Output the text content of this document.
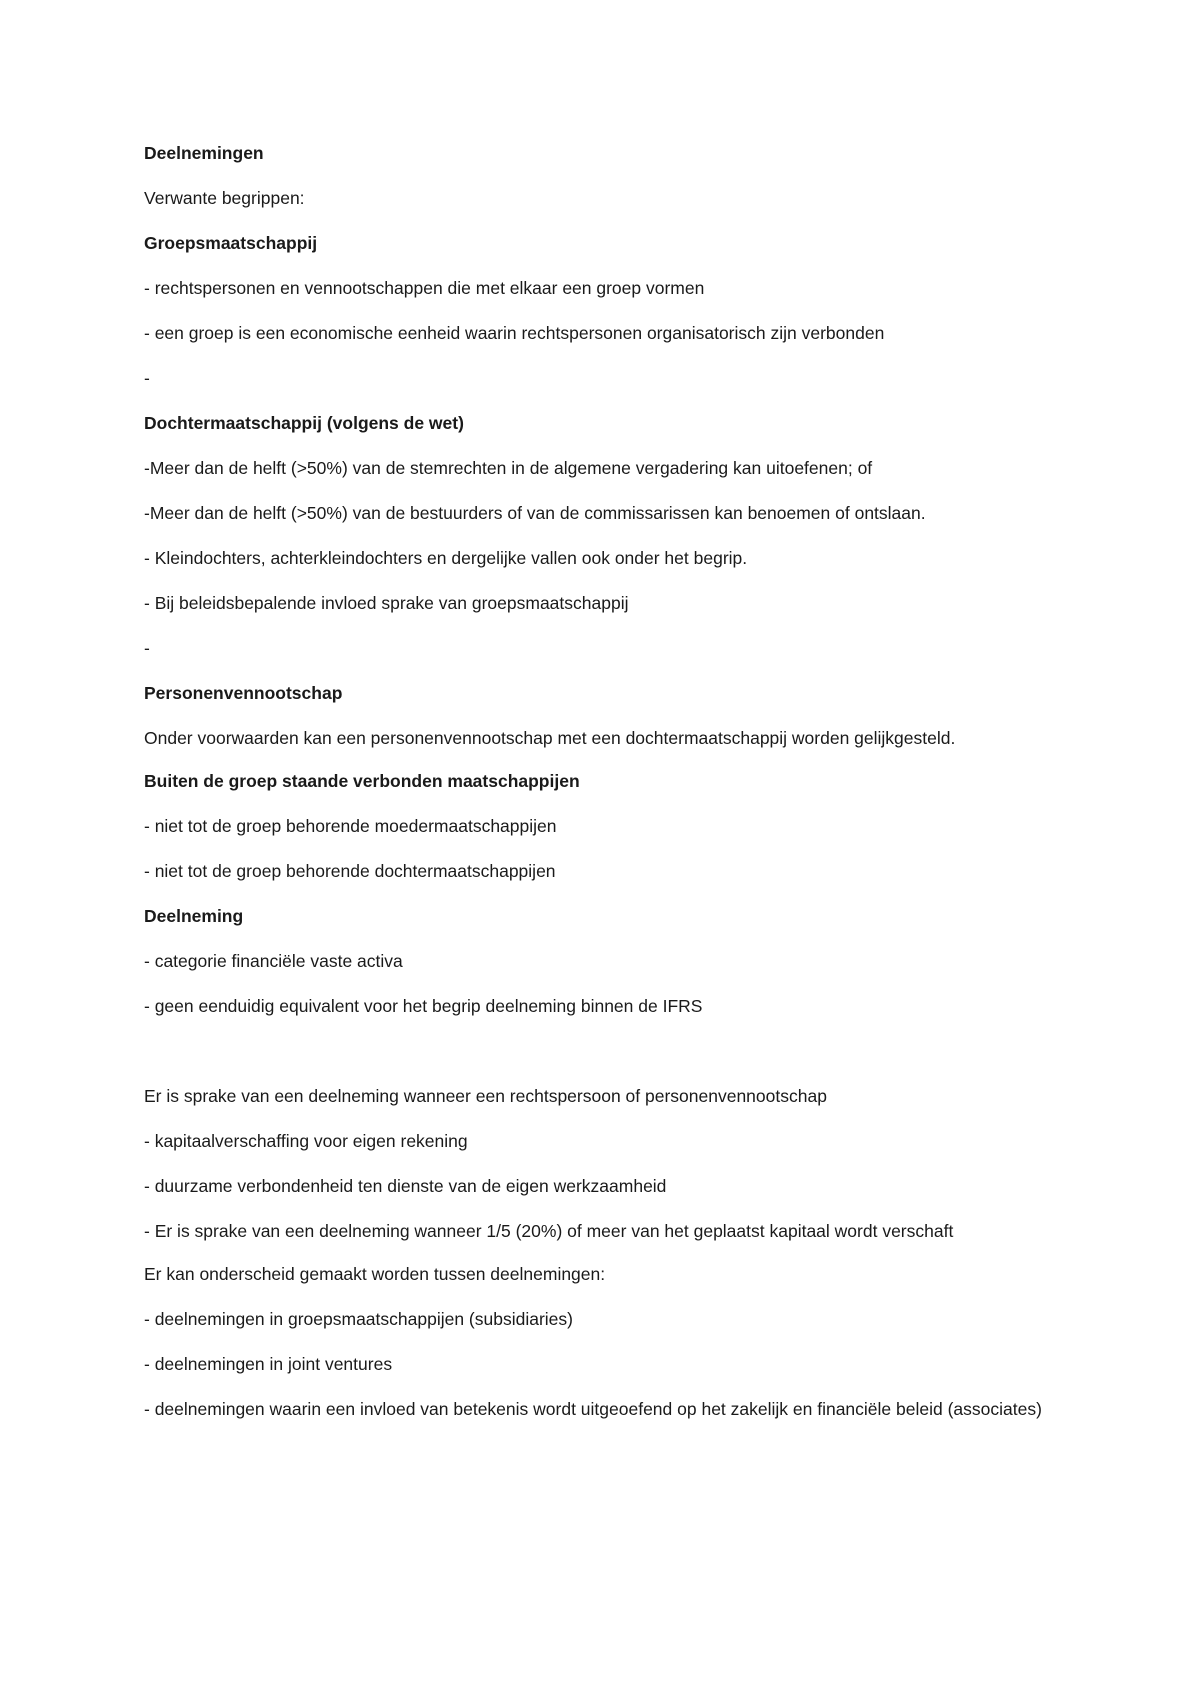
Deelnemingen

Verwante begrippen:

Groepsmaatschappij

- rechtspersonen en vennootschappen die met elkaar een groep vormen

- een groep is een economische eenheid waarin rechtspersonen organisatorisch zijn verbonden

-

Dochtermaatschappij (volgens de wet)

-Meer dan de helft (>50%) van de stemrechten in de algemene vergadering kan uitoefenen; of

-Meer dan de helft (>50%) van de bestuurders of van de commissarissen kan benoemen of ontslaan.

- Kleindochters, achterkleindochters en dergelijke vallen ook onder het begrip.

- Bij beleidsbepalende invloed sprake van groepsmaatschappij

-

Personenvennootschap

Onder voorwaarden kan een personenvennootschap met een dochtermaatschappij worden gelijkgesteld.

Buiten de groep staande verbonden maatschappijen

- niet tot de groep behorende moedermaatschappijen

- niet tot de groep behorende dochtermaatschappijen

Deelneming

- categorie financiële vaste activa

- geen eenduidig equivalent voor het begrip deelneming binnen de IFRS

Er is sprake van een deelneming wanneer een rechtspersoon of personenvennootschap

- kapitaalverschaffing voor eigen rekening

- duurzame verbondenheid ten dienste van de eigen werkzaamheid

- Er is sprake van een deelneming wanneer 1/5 (20%) of meer van het geplaatst kapitaal wordt verschaft

Er kan onderscheid gemaakt worden tussen deelnemingen:

- deelnemingen in groepsmaatschappijen (subsidiaries)

- deelnemingen in joint ventures

- deelnemingen waarin een invloed van betekenis wordt uitgeoefend op het zakelijk en financiële beleid (associates)
